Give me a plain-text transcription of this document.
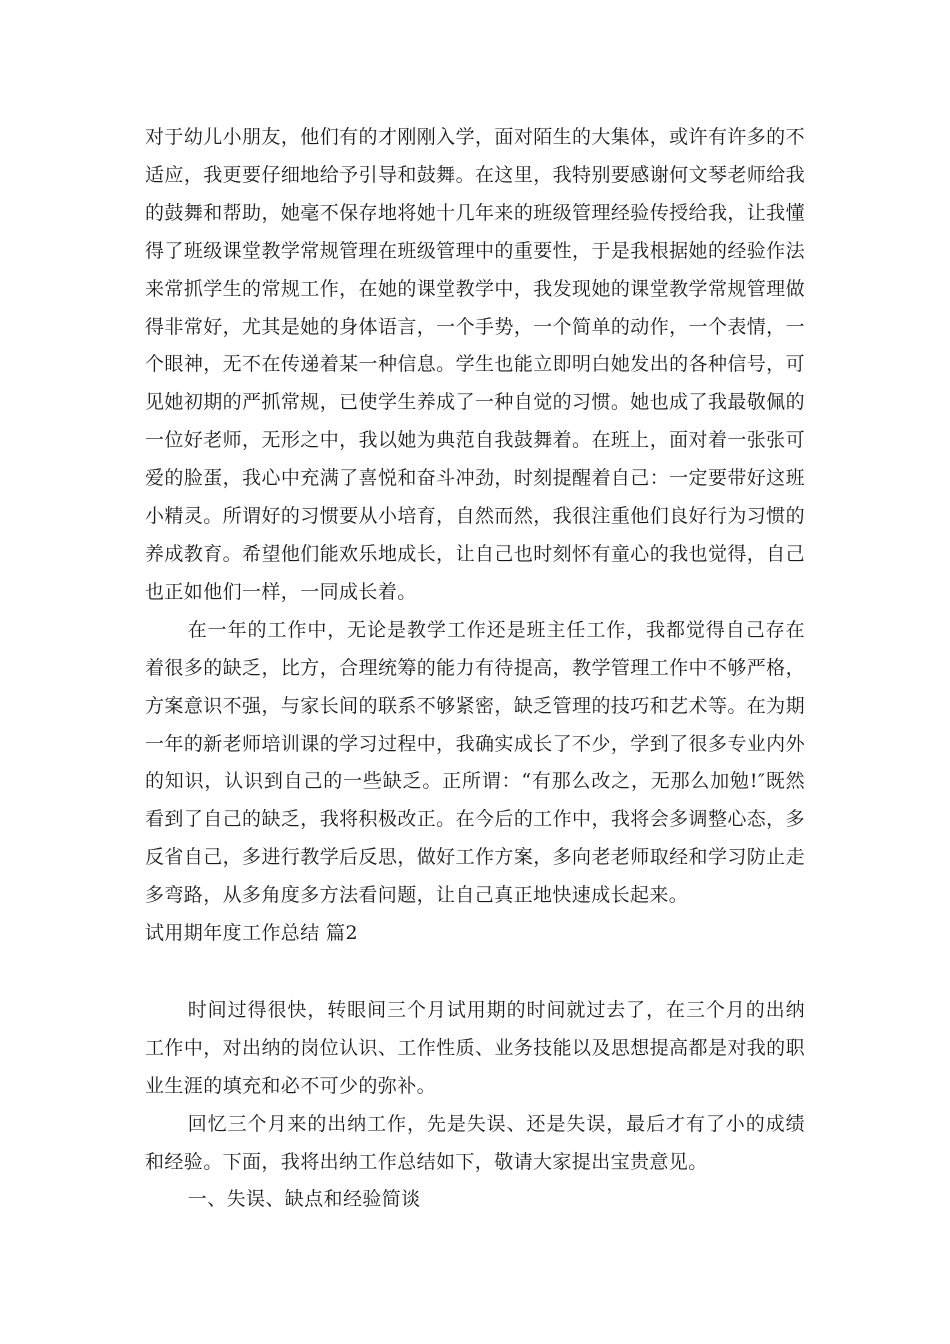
对于幼儿小朋友，他们有的才刚刚入学，面对陌生的大集体，或许有许多的不适应，我更要仔细地给予引导和鼓舞。在这里，我特别要感谢何文琴老师给我的鼓舞和帮助，她毫不保存地将她十几年来的班级管理经验传授给我，让我懂得了班级课堂教学常规管理在班级管理中的重要性，于是我根据她的经验作法来常抓学生的常规工作，在她的课堂教学中，我发现她的课堂教学常规管理做得非常好，尤其是她的身体语言，一个手势，一个简单的动作，一个表情，一个眼神，无不在传递着某一种信息。学生也能立即明白她发出的各种信号，可见她初期的严抓常规，已使学生养成了一种自觉的习惯。她也成了我最敬佩的一位好老师，无形之中，我以她为典范自我鼓舞着。在班上，面对着一张张可爱的脸蛋，我心中充满了喜悦和奋斗冲劲，时刻提醒着自己：一定要带好这班小精灵。所谓好的习惯要从小培育，自然而然，我很注重他们良好行为习惯的养成教育。希望他们能欢乐地成长，让自己也时刻怀有童心的我也觉得，自己也正如他们一样，一同成长着。

在一年的工作中，无论是教学工作还是班主任工作，我都觉得自己存在着很多的缺乏，比方，合理统筹的能力有待提高，教学管理工作中不够严格，方案意识不强，与家长间的联系不够紧密，缺乏管理的技巧和艺术等。在为期一年的新老师培训课的学习过程中，我确实成长了不少，学到了很多专业内外的知识，认识到自己的一些缺乏。正所谓：“有那么改之，无那么加勉!″既然看到了自己的缺乏，我将积极改正。在今后的工作中，我将会多调整心态，多反省自己，多进行教学后反思，做好工作方案，多向老老师取经和学习防止走多弯路，从多角度多方法看问题，让自己真正地快速成长起来。

试用期年度工作总结 篇2

时间过得很快，转眼间三个月试用期的时间就过去了，在三个月的出纳工作中，对出纳的岗位认识、工作性质、业务技能以及思想提高都是对我的职业生涯的填充和必不可少的弥补。

回忆三个月来的出纳工作，先是失误、还是失误，最后才有了小的成绩和经验。下面，我将出纳工作总结如下，敬请大家提出宝贵意见。

一、失误、缺点和经验简谈
